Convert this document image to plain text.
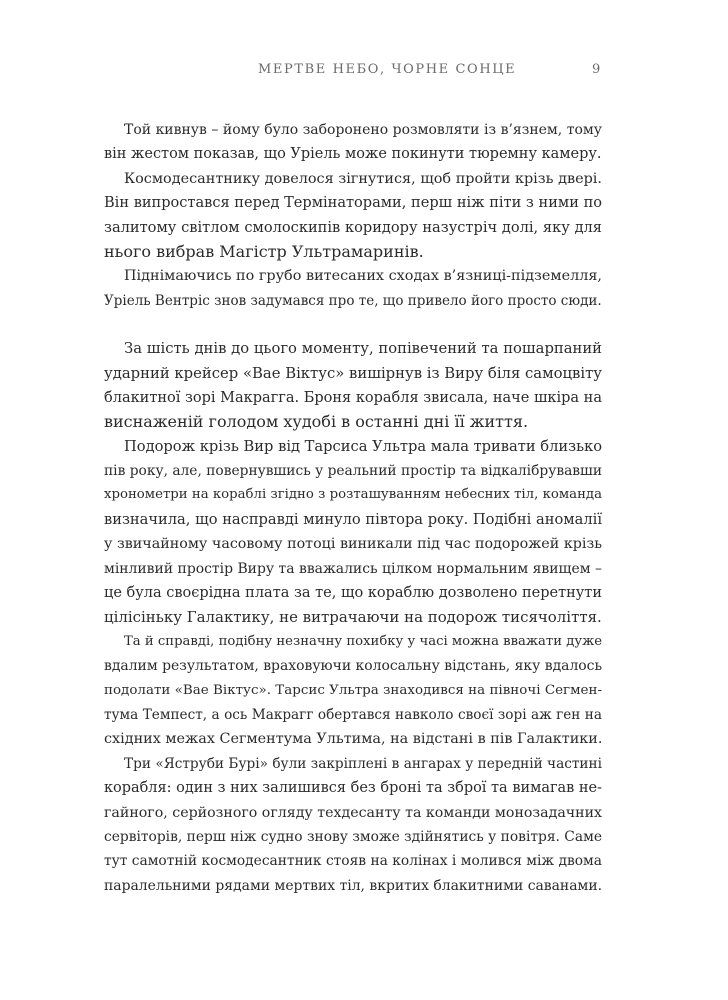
МЕРТВЕ НЕБО, ЧОРНЕ СОНЦЕ	9
Той кивнув – йому було заборонено розмовляти із в’язнем, тому
він жестом показав, що Уріель може покинути тюремну камеру.
Космодесантнику довелося зігнутися, щоб пройти крізь двері.
Він випростався перед Термінаторами, перш ніж піти з ними по
залитому світлом смолоскипів коридору назустріч долі, яку для
нього вибрав Магістр Ультрамаринів.
Піднімаючись по грубо витесаних сходах в’язниці-підземелля,
Уріель Вентріс знов задумався про те, що привело його просто сюди.
За шість днів до цього моменту, попівечений та пошарпаний
ударний крейсер «Вае Віктус» вишірнув із Виру біля самоцвіту
блакитної зорі Макрагга. Броня корабля звисала, наче шкіра на
виснаженій голодом худобі в останні дні її життя.
Подорож крізь Вир від Тарсиса Ультра мала тривати близько
пів року, але, повернувшись у реальний простір та відкалібрувавши
хронометри на кораблі згідно з розташуванням небесних тіл, команда
визначила, що насправді минуло півтора року. Подібні аномалії
у звичайному часовому потоці виникали під час подорожей крізь
мінливий простір Виру та вважались цілком нормальним явищем –
це була своєрідна плата за те, що кораблю дозволено перетнути
цілісіньку Галактику, не витрачаючи на подорож тисячоліття.
Та й справді, подібну незначну похибку у часі можна вважати дуже
вдалим результатом, враховуючи колосальну відстань, яку вдалось
подолати «Вае Віктус». Тарсис Ультра знаходився на півночі Сегмен-
тума Темпест, а ось Макрагг обертався навколо своєї зорі аж ген на
східних межах Сегментума Ультима, на відстані в пів Галактики.
Три «Яструби Бурі» були закріплені в ангарах у передній частині
корабля: один з них залишився без броні та зброї та вимагав не-
гайного, серйозного огляду техдесанту та команди монозадачних
сервіторів, перш ніж судно знову зможе здійнятись у повітря. Саме
тут самотній космодесантник стояв на колінах і молився між двома
паралельними рядами мертвих тіл, вкритих блакитними саванами.
